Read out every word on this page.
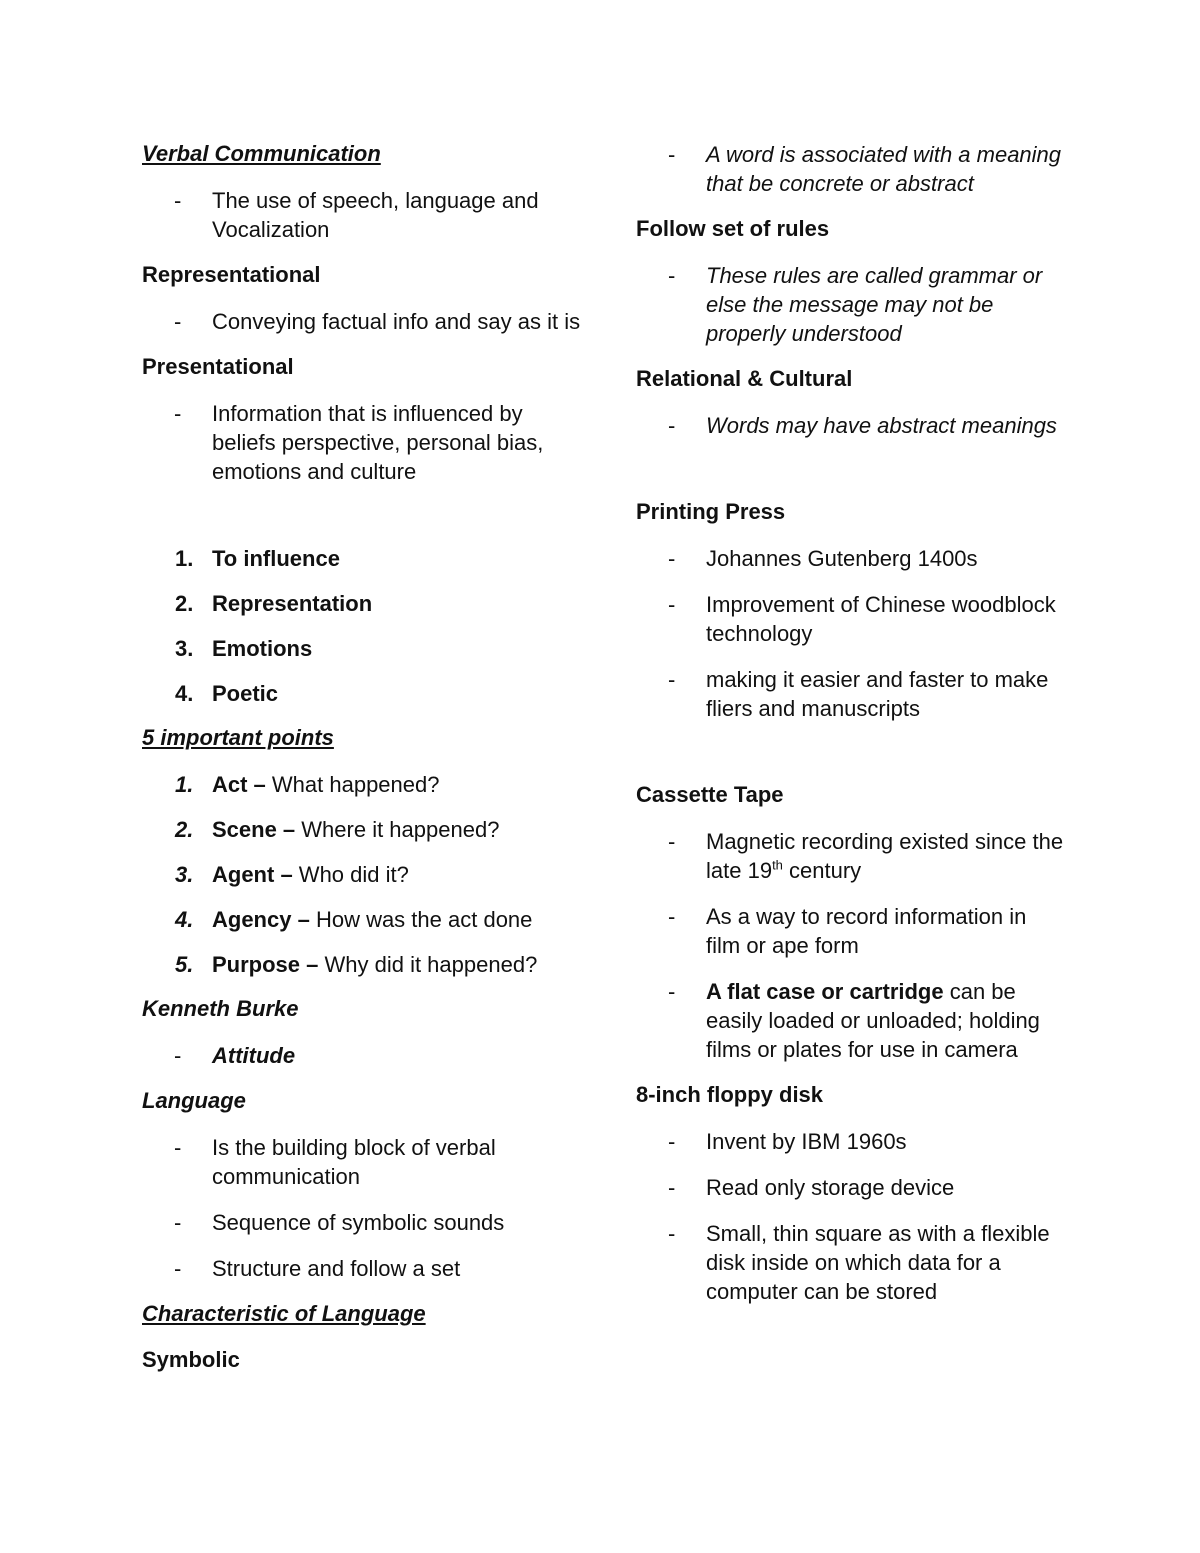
Verbal Communication
- The use of speech, language and Vocalization
Representational
- Conveying factual info and say as it is
Presentational
- Information that is influenced by beliefs perspective, personal bias, emotions and culture
1. To influence
2. Representation
3. Emotions
4. Poetic
5 important points
1. Act – What happened?
2. Scene – Where it happened?
3. Agent – Who did it?
4. Agency – How was the act done
5. Purpose – Why did it happened?
Kenneth Burke
- Attitude
Language
- Is the building block of verbal communication
- Sequence of symbolic sounds
- Structure and follow a set
Characteristic of Language
Symbolic
- A word is associated with a meaning that be concrete or abstract
Follow set of rules
- These rules are called grammar or else the message may not be properly understood
Relational & Cultural
- Words may have abstract meanings
Printing Press
- Johannes Gutenberg 1400s
- Improvement of Chinese woodblock technology
- making it easier and faster to make fliers and manuscripts
Cassette Tape
- Magnetic recording existed since the late 19th century
- As a way to record information in film or ape form
- A flat case or cartridge can be easily loaded or unloaded; holding films or plates for use in camera
8-inch floppy disk
- Invent by IBM 1960s
- Read only storage device
- Small, thin square as with a flexible disk inside on which data for a computer can be stored
